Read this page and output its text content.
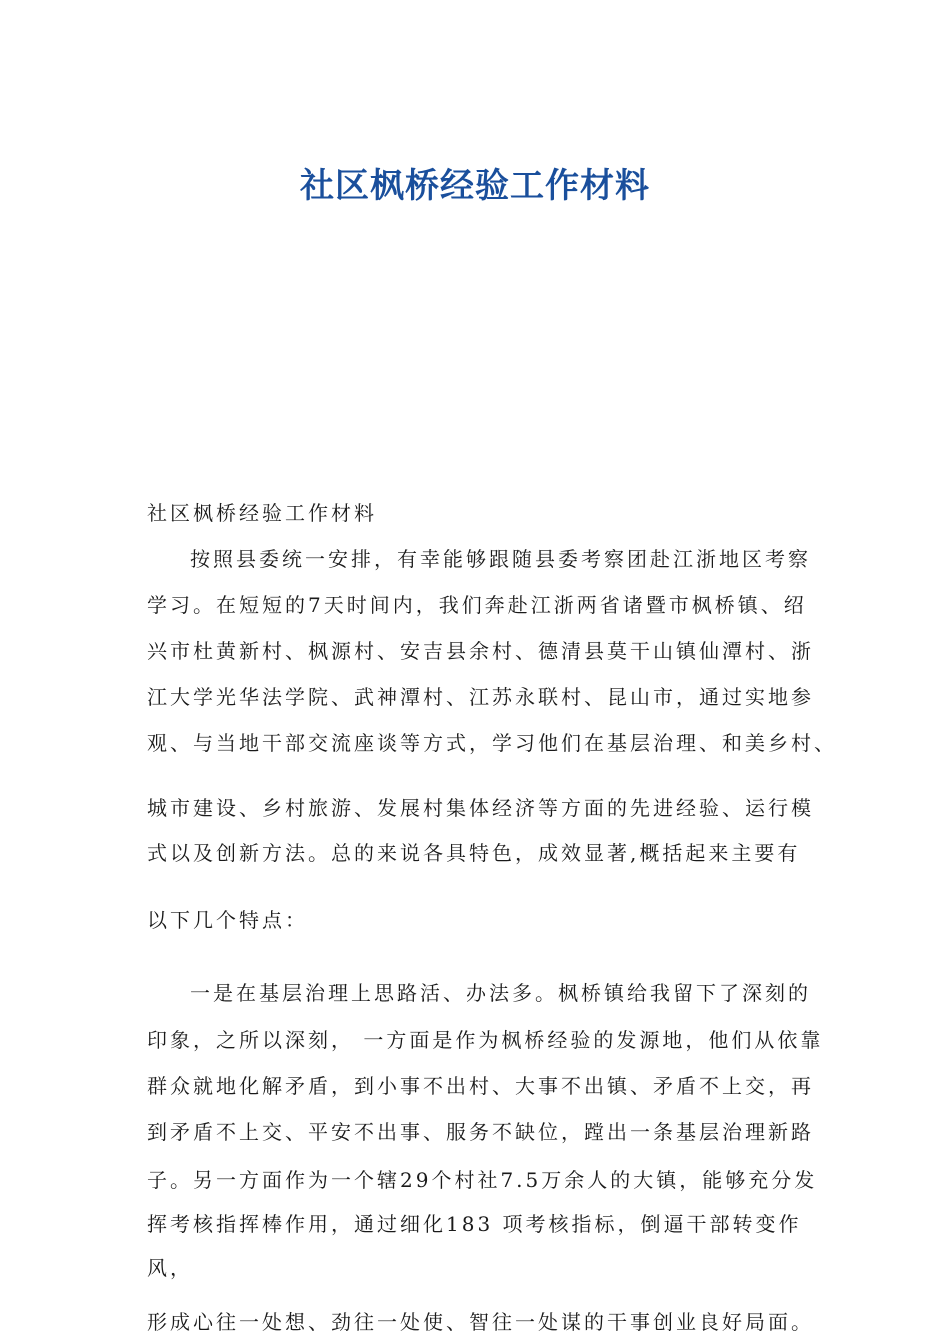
社区枫桥经验工作材料
社区枫桥经验工作材料
按照县委统一安排，有幸能够跟随县委考察团赴江浙地区考察
学习。在短短的7天时间内，我们奔赴江浙两省诸暨市枫桥镇、绍
兴市杜黄新村、枫源村、安吉县余村、德清县莫干山镇仙潭村、浙
江大学光华法学院、武神潭村、江苏永联村、昆山市，通过实地参
观、与当地干部交流座谈等方式，学习他们在基层治理、和美乡村、
城市建设、乡村旅游、发展村集体经济等方面的先进经验、运行模
式以及创新方法。总的来说各具特色，成效显著,概括起来主要有
以下几个特点：
一是在基层治理上思路活、办法多。枫桥镇给我留下了深刻的
印象，之所以深刻， 一方面是作为枫桥经验的发源地，他们从依靠
群众就地化解矛盾，到小事不出村、大事不出镇、矛盾不上交，再
到矛盾不上交、平安不出事、服务不缺位，蹚出一条基层治理新路
子。另一方面作为一个辖29个村社7.5万余人的大镇，能够充分发
挥考核指挥棒作用，通过细化183 项考核指标，倒逼干部转变作
风，
形成心往一处想、劲往一处使、智往一处谋的干事创业良好局面。
